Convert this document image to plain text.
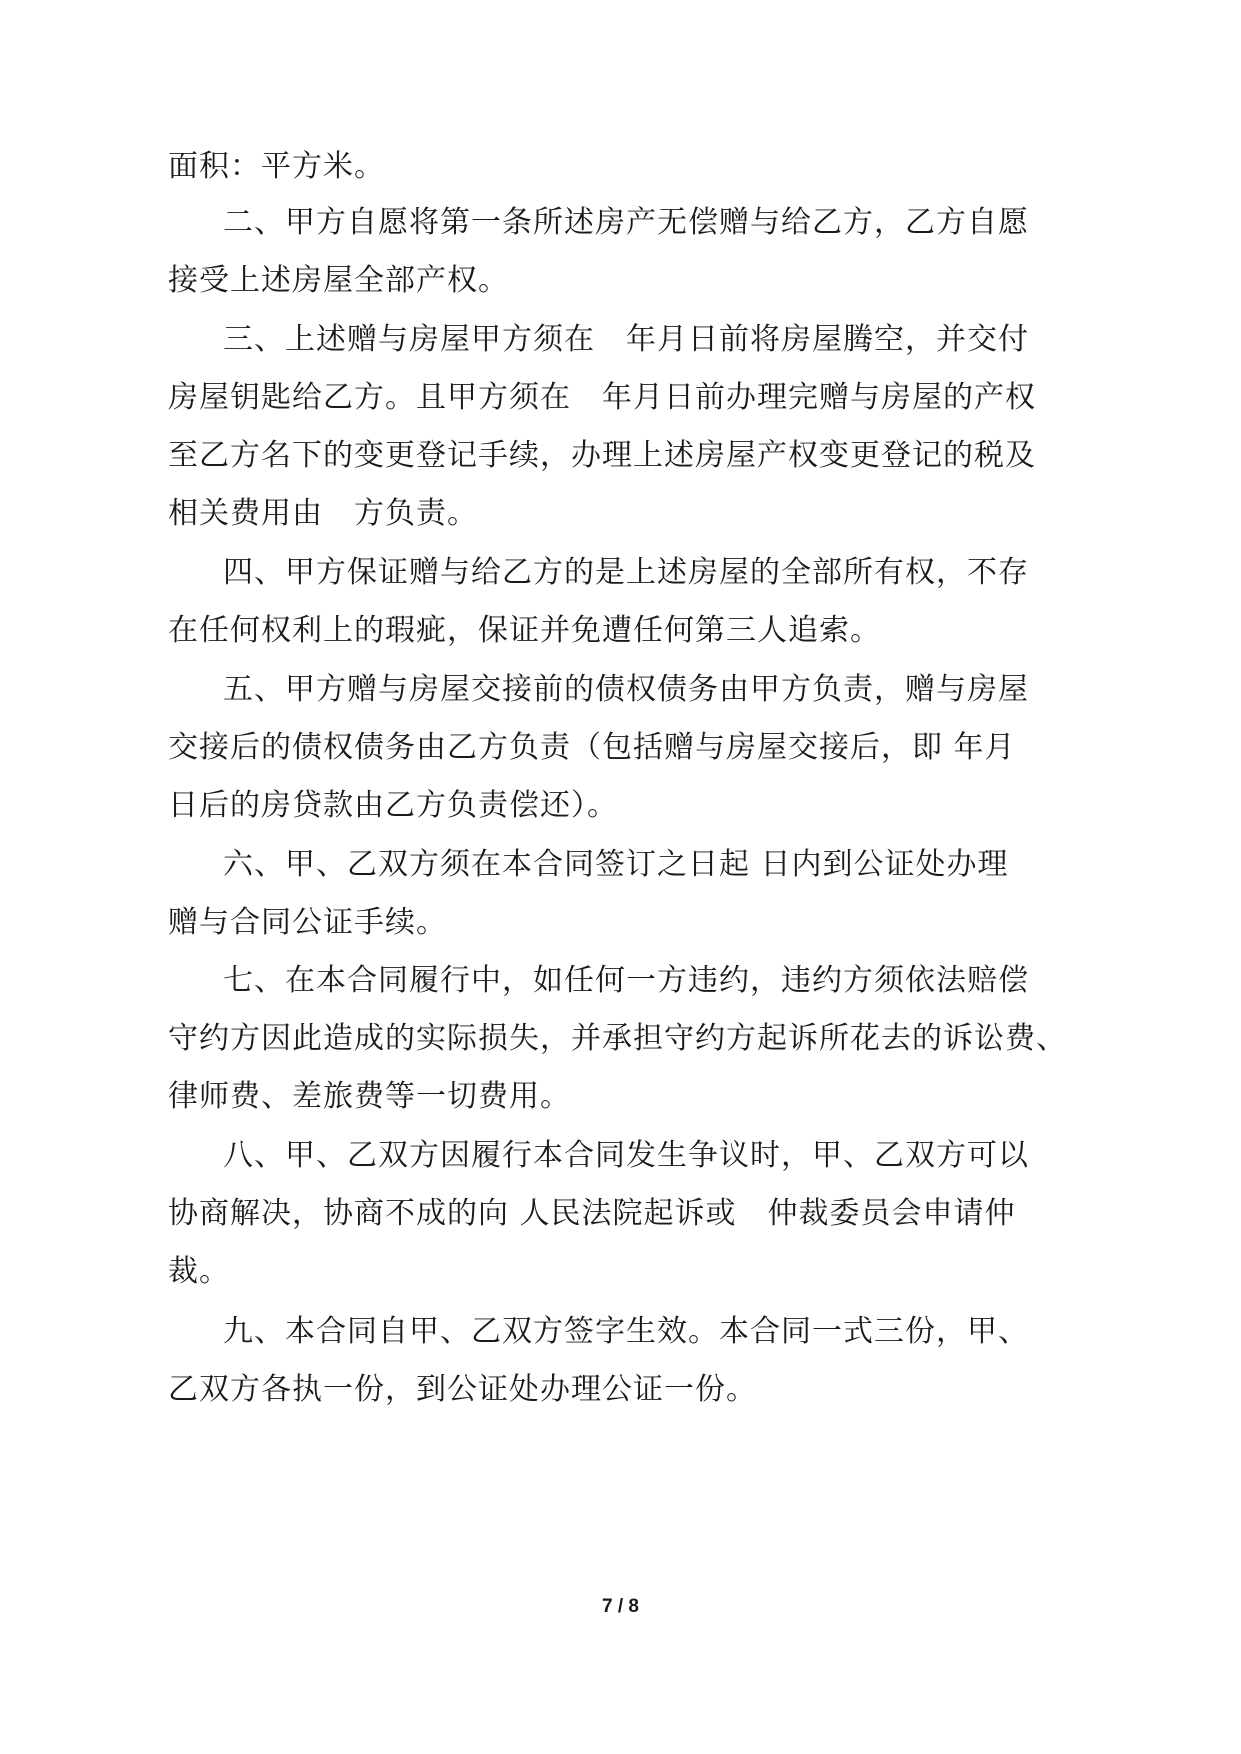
面积：平方米。
二、甲方自愿将第一条所述房产无偿赠与给乙方，乙方自愿
接受上述房屋全部产权。
三、上述赠与房屋甲方须在　年月日前将房屋腾空，并交付
房屋钥匙给乙方。且甲方须在　年月日前办理完赠与房屋的产权
至乙方名下的变更登记手续，办理上述房屋产权变更登记的税及
相关费用由　方负责。
四、甲方保证赠与给乙方的是上述房屋的全部所有权，不存
在任何权利上的瑕疵，保证并免遭任何第三人追索。
五、甲方赠与房屋交接前的债权债务由甲方负责，赠与房屋
交接后的债权债务由乙方负责（包括赠与房屋交接后，即 年月
日后的房贷款由乙方负责偿还）。
六、甲、乙双方须在本合同签订之日起 日内到公证处办理
赠与合同公证手续。
七、在本合同履行中，如任何一方违约，违约方须依法赔偿
守约方因此造成的实际损失，并承担守约方起诉所花去的诉讼费、
律师费、差旅费等一切费用。
八、甲、乙双方因履行本合同发生争议时，甲、乙双方可以
协商解决，协商不成的向 人民法院起诉或　仲裁委员会申请仲
裁。
九、本合同自甲、乙双方签字生效。本合同一式三份，甲、
乙双方各执一份，到公证处办理公证一份。
7 / 8
